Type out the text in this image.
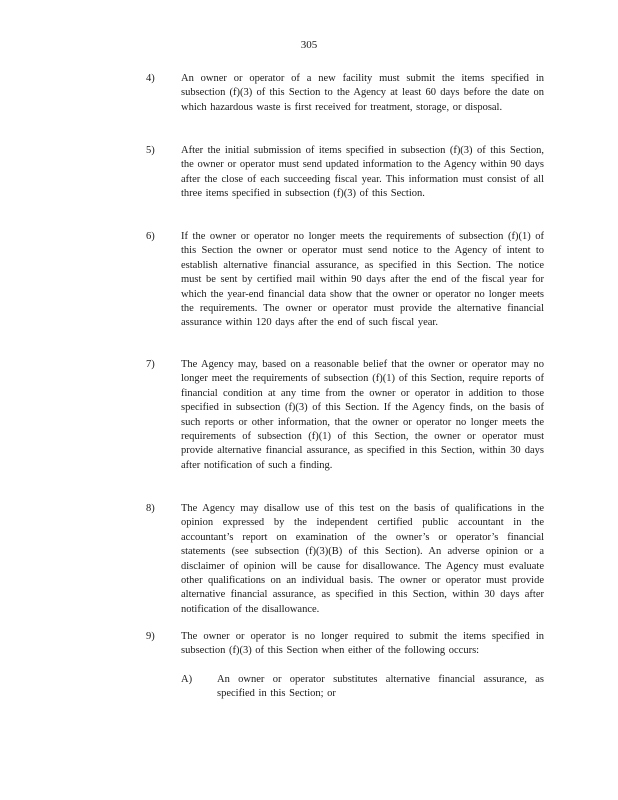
305
4)	An owner or operator of a new facility must submit the items specified in subsection (f)(3) of this Section to the Agency at least 60 days before the date on which hazardous waste is first received for treatment, storage, or disposal.
5)	After the initial submission of items specified in subsection (f)(3) of this Section, the owner or operator must send updated information to the Agency within 90 days after the close of each succeeding fiscal year. This information must consist of all three items specified in subsection (f)(3) of this Section.
6)	If the owner or operator no longer meets the requirements of subsection (f)(1) of this Section the owner or operator must send notice to the Agency of intent to establish alternative financial assurance, as specified in this Section. The notice must be sent by certified mail within 90 days after the end of the fiscal year for which the year-end financial data show that the owner or operator no longer meets the requirements. The owner or operator must provide the alternative financial assurance within 120 days after the end of such fiscal year.
7)	The Agency may, based on a reasonable belief that the owner or operator may no longer meet the requirements of subsection (f)(1) of this Section, require reports of financial condition at any time from the owner or operator in addition to those specified in subsection (f)(3) of this Section. If the Agency finds, on the basis of such reports or other information, that the owner or operator no longer meets the requirements of subsection (f)(1) of this Section, the owner or operator must provide alternative financial assurance, as specified in this Section, within 30 days after notification of such a finding.
8)	The Agency may disallow use of this test on the basis of qualifications in the opinion expressed by the independent certified public accountant in the accountant’s report on examination of the owner’s or operator’s financial statements (see subsection (f)(3)(B) of this Section). An adverse opinion or a disclaimer of opinion will be cause for disallowance. The Agency must evaluate other qualifications on an individual basis. The owner or operator must provide alternative financial assurance, as specified in this Section, within 30 days after notification of the disallowance.
9)	The owner or operator is no longer required to submit the items specified in subsection (f)(3) of this Section when either of the following occurs:
A) An owner or operator substitutes alternative financial assurance, as specified in this Section; or
